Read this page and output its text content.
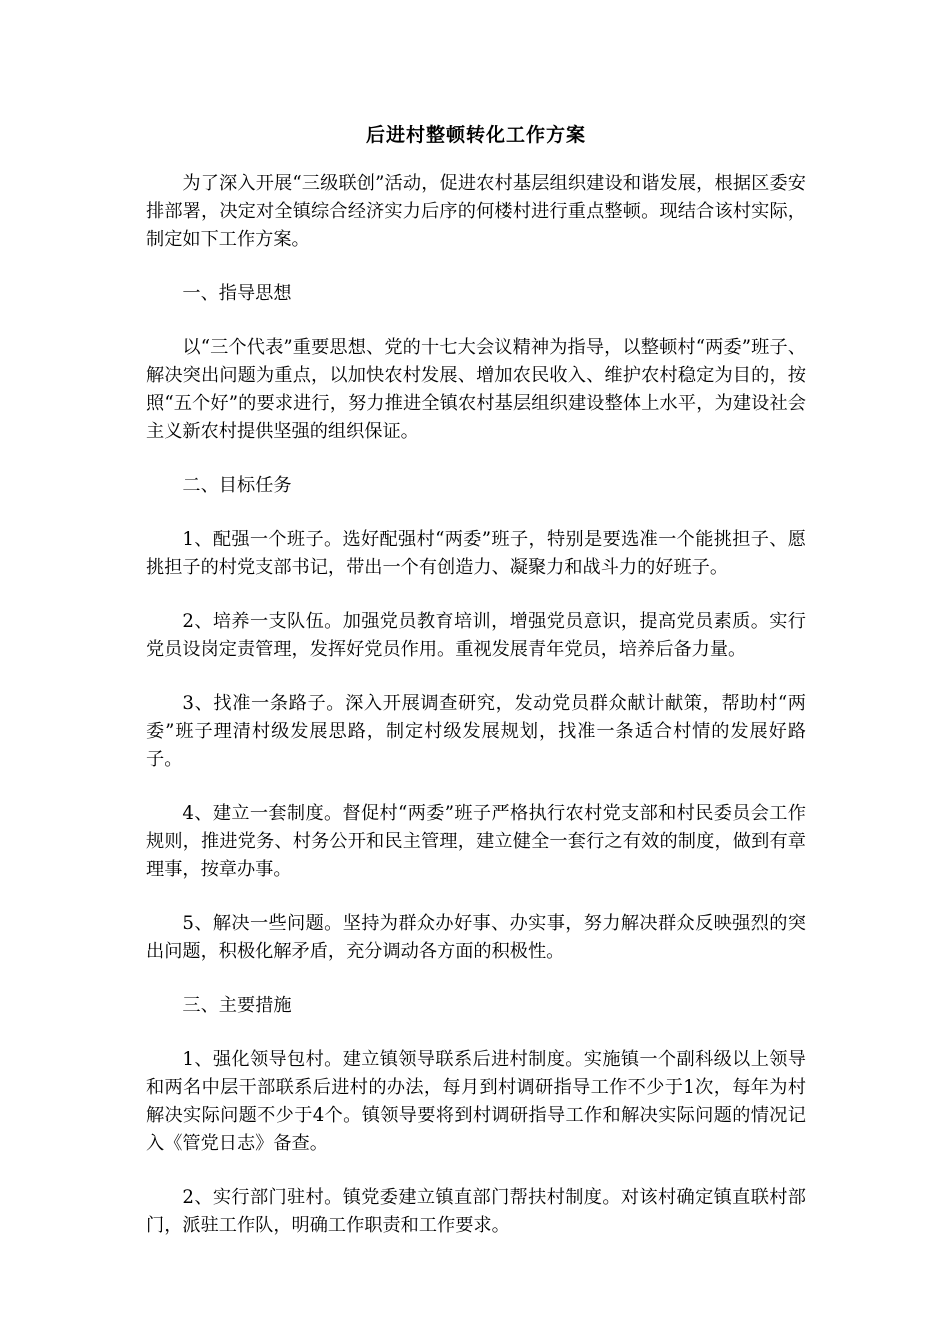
后进村整顿转化工作方案

为了深入开展“三级联创”活动，促进农村基层组织建设和谐发展，根据区委安排部署，决定对全镇综合经济实力后序的何楼村进行重点整顿。现结合该村实际，制定如下工作方案。

一、指导思想

以“三个代表”重要思想、党的十七大会议精神为指导，以整顿村“两委”班子、解决突出问题为重点，以加快农村发展、增加农民收入、维护农村稳定为目的，按照“五个好”的要求进行，努力推进全镇农村基层组织建设整体上水平，为建设社会主义新农村提供坚强的组织保证。

二、目标任务

1、配强一个班子。选好配强村“两委”班子，特别是要选准一个能挑担子、愿挑担子的村党支部书记，带出一个有创造力、凝聚力和战斗力的好班子。

2、培养一支队伍。加强党员教育培训，增强党员意识，提高党员素质。实行党员设岗定责管理，发挥好党员作用。重视发展青年党员，培养后备力量。

3、找准一条路子。深入开展调查研究，发动党员群众献计献策，帮助村“两委”班子理清村级发展思路，制定村级发展规划，找准一条适合村情的发展好路子。

4、建立一套制度。督促村“两委”班子严格执行农村党支部和村民委员会工作规则，推进党务、村务公开和民主管理，建立健全一套行之有效的制度，做到有章理事，按章办事。

5、解决一些问题。坚持为群众办好事、办实事，努力解决群众反映强烈的突出问题，积极化解矛盾，充分调动各方面的积极性。

三、主要措施

1、强化领导包村。建立镇领导联系后进村制度。实施镇一个副科级以上领导和两名中层干部联系后进村的办法，每月到村调研指导工作不少于1次，每年为村解决实际问题不少于4个。镇领导要将到村调研指导工作和解决实际问题的情况记入《管党日志》备查。

2、实行部门驻村。镇党委建立镇直部门帮扶村制度。对该村确定镇直联村部门，派驻工作队，明确工作职责和工作要求。
